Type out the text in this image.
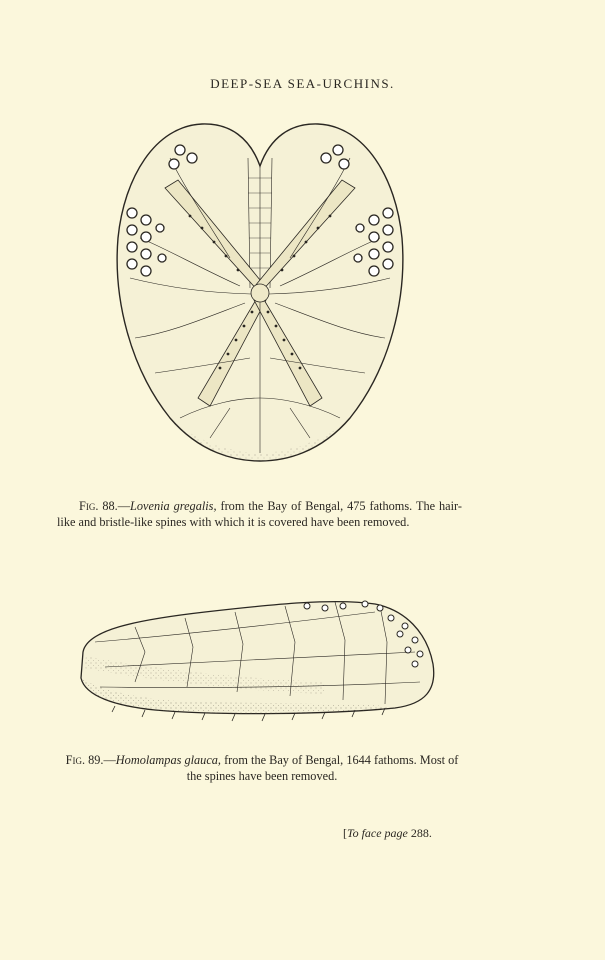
DEEP-SEA SEA-URCHINS.
Fig. 88.—Lovenia gregalis, from the Bay of Bengal, 475 fathoms. The hair-like and bristle-like spines with which it is covered have been removed.
Fig. 89.—Homolampas glauca, from the Bay of Bengal, 1644 fathoms. Most of the spines have been removed.
[To face page 288.
